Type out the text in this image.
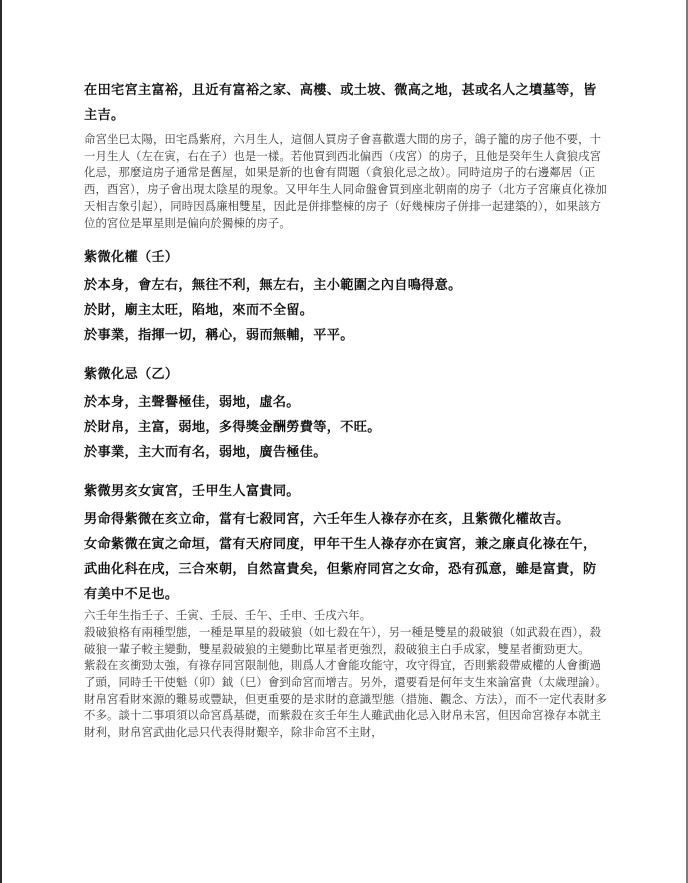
在田宅宮主富裕，且近有富裕之家、高樓、或土坡、微高之地，甚或名人之墳墓等，皆主吉。

命宮坐巳太陽，田宅爲紫府，六月生人，這個人買房子會喜歡選大間的房子，鴿子籠的房子他不要，十一月生人（左在寅，右在子）也是一樣。若他買到西北偏西（戌宮）的房子，且他是癸年生人貪狼戌宮化忌，那麼這房子通常是舊屋，如果是新的也會有問題（貪狼化忌之故）。同時這房子的右邊鄰居（正西，酉宮），房子會出現太陰星的現象。又甲年生人同命盤會買到座北朝南的房子（北方子宮廉貞化祿加天相吉象引起），同時因爲廉相雙星，因此是併排整棟的房子（好幾棟房子併排一起建築的），如果該方位的宮位是單星則是偏向於獨棟的房子。

紫微化權（壬）

於本身，會左右，無往不利，無左右，主小範圍之內自鳴得意。

於財，廟主太旺，陷地，來而不全留。

於事業，指揮一切，稱心，弱而無輔，平平。

紫微化忌（乙）

於本身，主聲譽極佳，弱地，虛名。

於財帛，主富，弱地，多得獎金酬勞費等，不旺。

於事業，主大而有名，弱地，廣告極佳。

紫微男亥女寅宮，壬甲生人富貴同。

男命得紫微在亥立命，當有七殺同宮，六壬年生人祿存亦在亥，且紫微化權故吉。

女命紫微在寅之命垣，當有天府同度，甲年干生人祿存亦在寅宮，兼之廉貞化祿在午，武曲化科在戌，三合來朝，自然富貴矣，但紫府同宮之女命，恐有孤意，雖是富貴，防有美中不足也。

六壬年生指壬子、壬寅、壬辰、壬午、壬申、壬戌六年。

殺破狼格有兩種型態，一種是單星的殺破狼（如七殺在午），另一種是雙星的殺破狼（如武殺在酉），殺破狼一輩子較主變動，雙星殺破狼的主變動比單星者更強烈，殺破狼主白手成家，雙星者衝勁更大。

紫殺在亥衝勁太強，有祿存同宮限制他，則爲人才會能攻能守，攻守得宜，否則紫殺帶威權的人會衝過了頭，同時壬干使魁（卯）鉞（巳）會到命宮而增吉。另外，還要看是何年支生來論富貴（太歲理論）。

財帛宮看財來源的難易或豐缺，但更重要的是求財的意識型態（措施、觀念、方法），而不一定代表財多不多。談十二事項須以命宮爲基礎，而紫殺在亥壬年生人雖武曲化忌入財帛未宮，但因命宮祿存本就主財利，財帛宮武曲化忌只代表得財艱辛，除非命宮不主財，
